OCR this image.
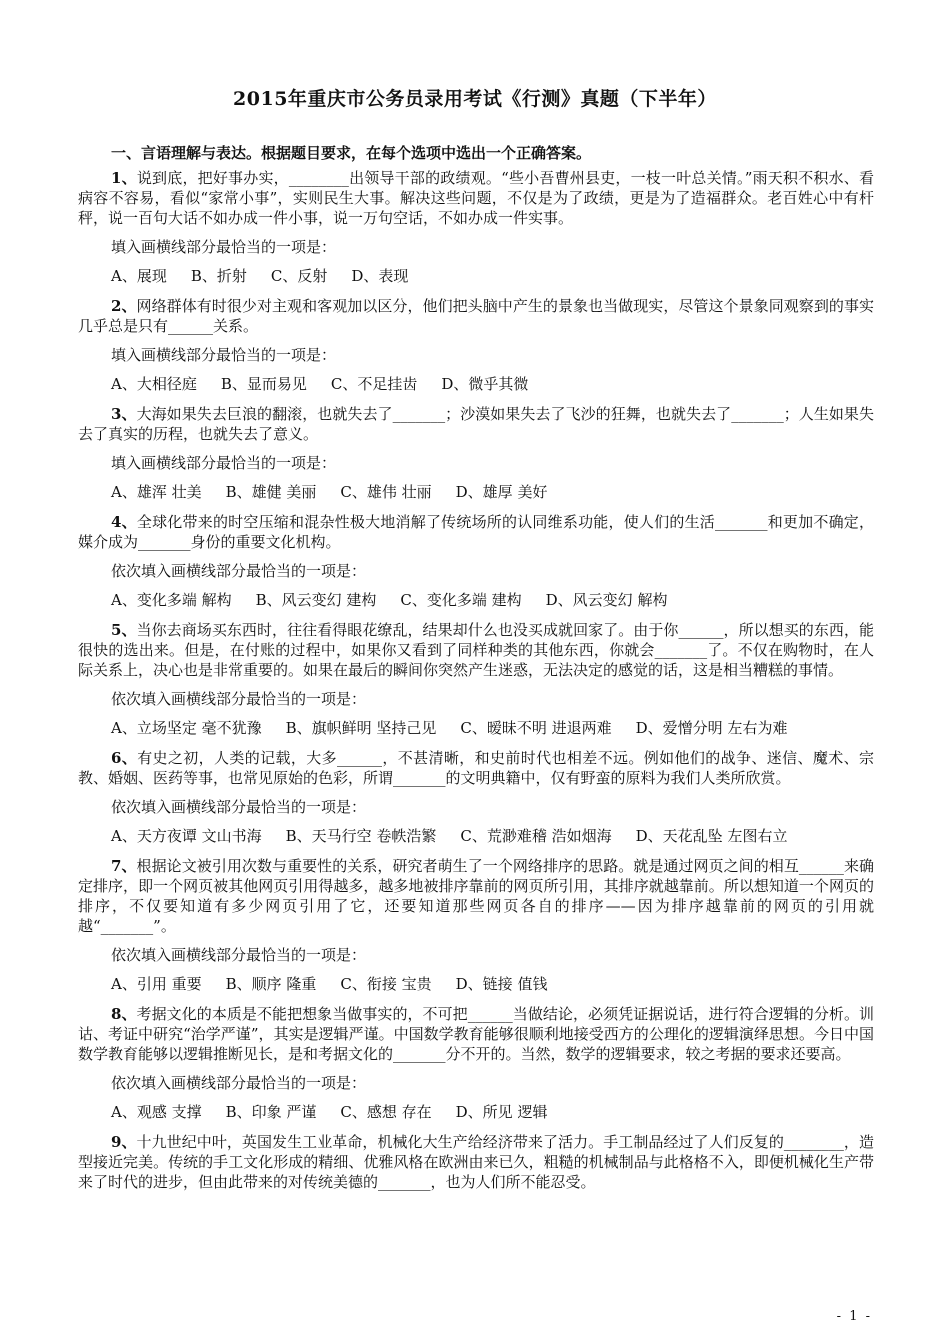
2015年重庆市公务员录用考试《行测》真题（下半年）
一、言语理解与表达。根据题目要求，在每个选项中选出一个正确答案。

1、说到底，把好事办实，________出领导干部的政绩观。“些小吾曹州县吏，一枝一叶总关情。”雨天积不积水、看病容不容易，看似“家常小事”，实则民生大事。解决这些问题，不仅是为了政绩，更是为了造福群众。老百姓心中有杆秤，说一百句大话不如办成一件小事，说一万句空话，不如办成一件实事。

填入画横线部分最恰当的一项是：

A、展现 B、折射 C、反射 D、表现

2、网络群体有时很少对主观和客观加以区分，他们把头脑中产生的景象也当做现实，尽管这个景象同观察到的事实几乎总是只有______关系。

填入画横线部分最恰当的一项是：

A、大相径庭 B、显而易见 C、不足挂齿 D、微乎其微

3、大海如果失去巨浪的翻滚，也就失去了_______；沙漠如果失去了飞沙的狂舞，也就失去了_______；人生如果失去了真实的历程，也就失去了意义。

填入画横线部分最恰当的一项是：

A、雄浑 壮美 B、雄健 美丽 C、雄伟 壮丽 D、雄厚 美好

4、全球化带来的时空压缩和混杂性极大地消解了传统场所的认同维系功能，使人们的生活_______和更加不确定，媒介成为_______身份的重要文化机构。

依次填入画横线部分最恰当的一项是：

A、变化多端 解构 B、风云变幻 建构 C、变化多端 建构 D、风云变幻 解构

5、当你去商场买东西时，往往看得眼花缭乱，结果却什么也没买成就回家了。由于你______，所以想买的东西，能很快的选出来。但是，在付账的过程中，如果你又看到了同样种类的其他东西，你就会_______了。不仅在购物时，在人际关系上，决心也是非常重要的。如果在最后的瞬间你突然产生迷惑，无法决定的感觉的话，这是相当糟糕的事情。

依次填入画横线部分最恰当的一项是：

A、立场坚定 毫不犹豫 B、旗帜鲜明 坚持己见 C、暧昧不明 进退两难 D、爱憎分明 左右为难

6、有史之初，人类的记载，大多______，不甚清晰，和史前时代也相差不远。例如他们的战争、迷信、魔术、宗教、婚姻、医药等事，也常见原始的色彩，所谓_______的文明典籍中，仅有野蛮的原料为我们人类所欣赏。

依次填入画横线部分最恰当的一项是：

A、天方夜谭 文山书海 B、天马行空 卷帙浩繁 C、荒渺难稽 浩如烟海 D、天花乱坠 左图右立

7、根据论文被引用次数与重要性的关系，研究者萌生了一个网络排序的思路。就是通过网页之间的相互______来确定排序，即一个网页被其他网页引用得越多，越多地被排序靠前的网页所引用，其排序就越靠前。所以想知道一个网页的排序，不仅要知道有多少网页引用了它，还要知道那些网页各自的排序——因为排序越靠前的网页的引用就越“_______”。

依次填入画横线部分最恰当的一项是：

A、引用 重要 B、顺序 隆重 C、衔接 宝贵 D、链接 值钱

8、考据文化的本质是不能把想象当做事实的，不可把______当做结论，必须凭证据说话，进行符合逻辑的分析。训诂、考证中研究“治学严谨”，其实是逻辑严谨。中国数学教育能够很顺利地接受西方的公理化的逻辑演绎思想。今日中国数学教育能够以逻辑推断见长，是和考据文化的_______分不开的。当然，数学的逻辑要求，较之考据的要求还要高。

依次填入画横线部分最恰当的一项是：

A、观感 支撑 B、印象 严谨 C、感想 存在 D、所见 逻辑

9、十九世纪中叶，英国发生工业革命，机械化大生产给经济带来了活力。手工制品经过了人们反复的________，造型接近完美。传统的手工文化形成的精细、优雅风格在欧洲由来已久，粗糙的机械制品与此格格不入，即便机械化生产带来了时代的进步，但由此带来的对传统美德的_______，也为人们所不能忍受。

- 1 -
